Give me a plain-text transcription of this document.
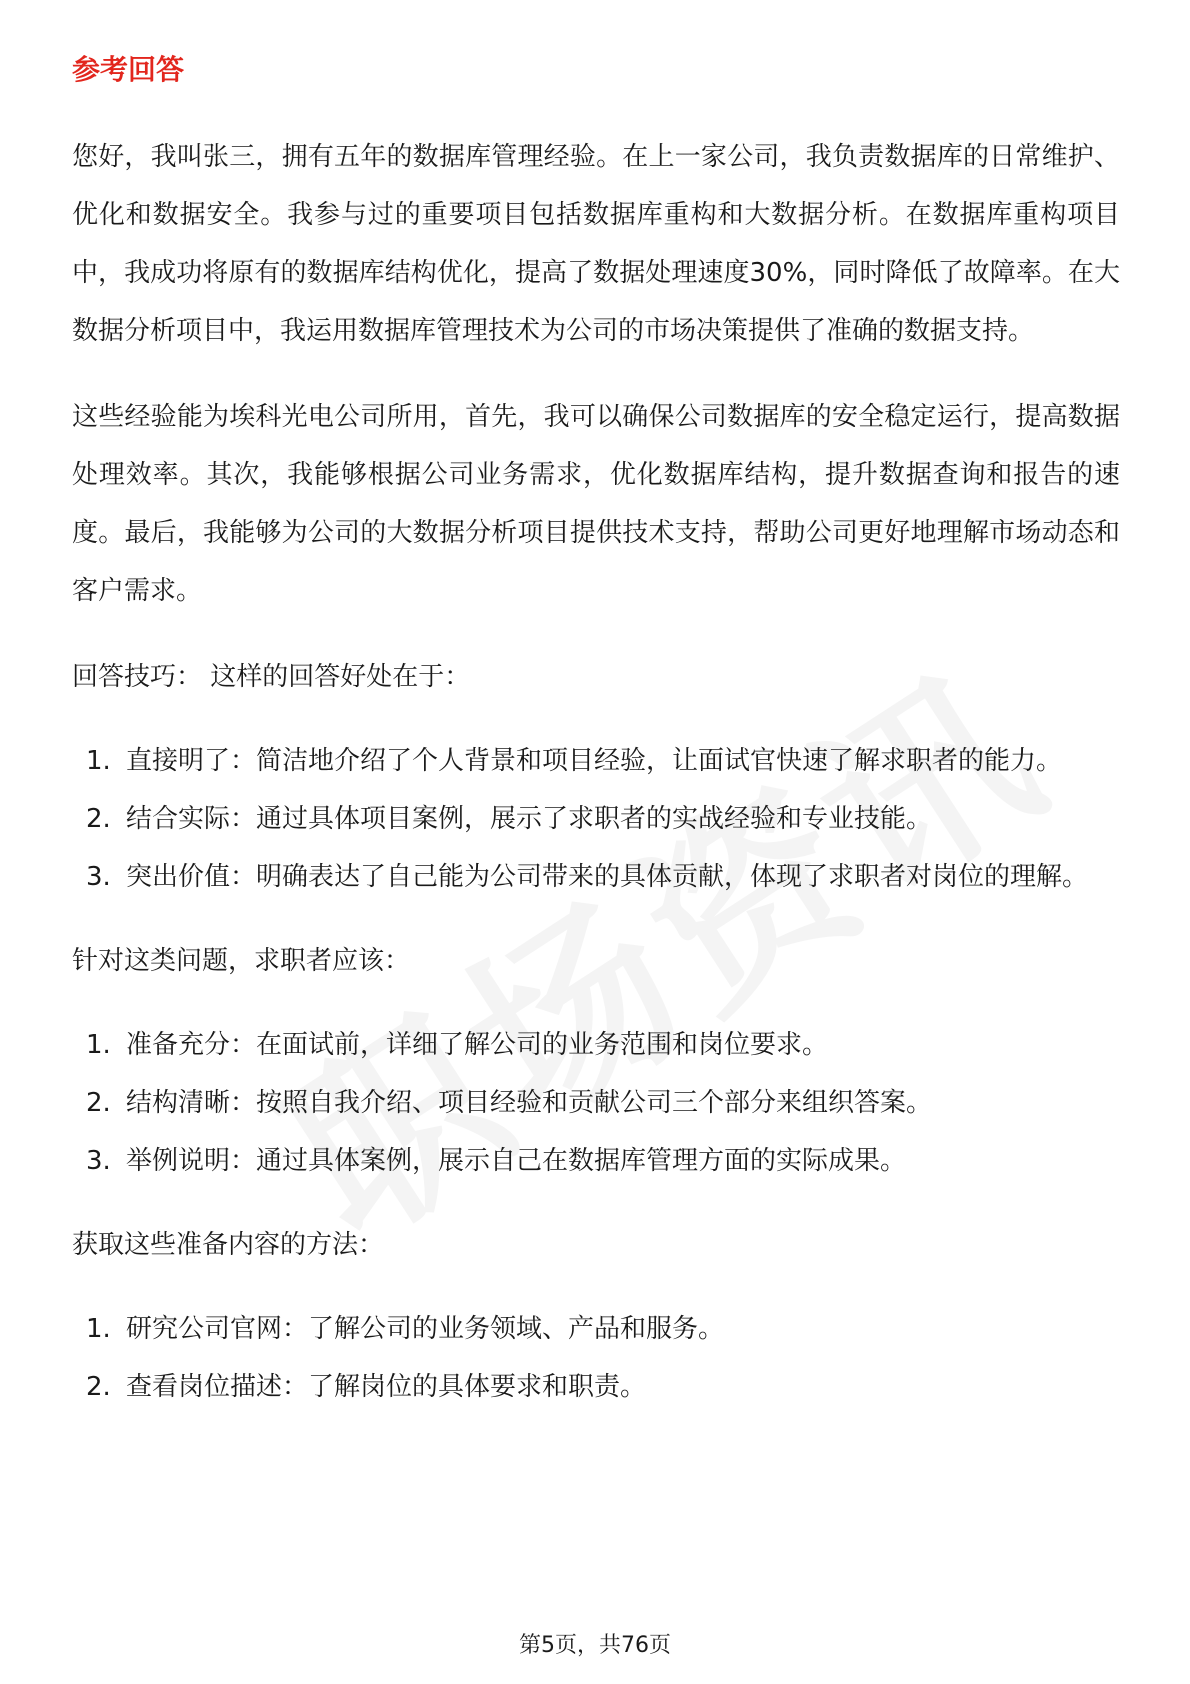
参考回答

您好，我叫张三，拥有五年的数据库管理经验。在上一家公司，我负责数据库的日常维护、优化和数据安全。我参与过的重要项目包括数据库重构和大数据分析。在数据库重构项目中，我成功将原有的数据库结构优化，提高了数据处理速度30%，同时降低了故障率。在大数据分析项目中，我运用数据库管理技术为公司的市场决策提供了准确的数据支持。

这些经验能为埃科光电公司所用，首先，我可以确保公司数据库的安全稳定运行，提高数据处理效率。其次，我能够根据公司业务需求，优化数据库结构，提升数据查询和报告的速度。最后，我能够为公司的大数据分析项目提供技术支持，帮助公司更好地理解市场动态和客户需求。

回答技巧： 这样的回答好处在于：

1. 直接明了：简洁地介绍了个人背景和项目经验，让面试官快速了解求职者的能力。
2. 结合实际：通过具体项目案例，展示了求职者的实战经验和专业技能。
3. 突出价值：明确表达了自己能为公司带来的具体贡献，体现了求职者对岗位的理解。

针对这类问题，求职者应该：

1. 准备充分：在面试前，详细了解公司的业务范围和岗位要求。
2. 结构清晰：按照自我介绍、项目经验和贡献公司三个部分来组织答案。
3. 举例说明：通过具体案例，展示自己在数据库管理方面的实际成果。

获取这些准备内容的方法：

1. 研究公司官网：了解公司的业务领域、产品和服务。
2. 查看岗位描述：了解岗位的具体要求和职责。
第5页，共76页
